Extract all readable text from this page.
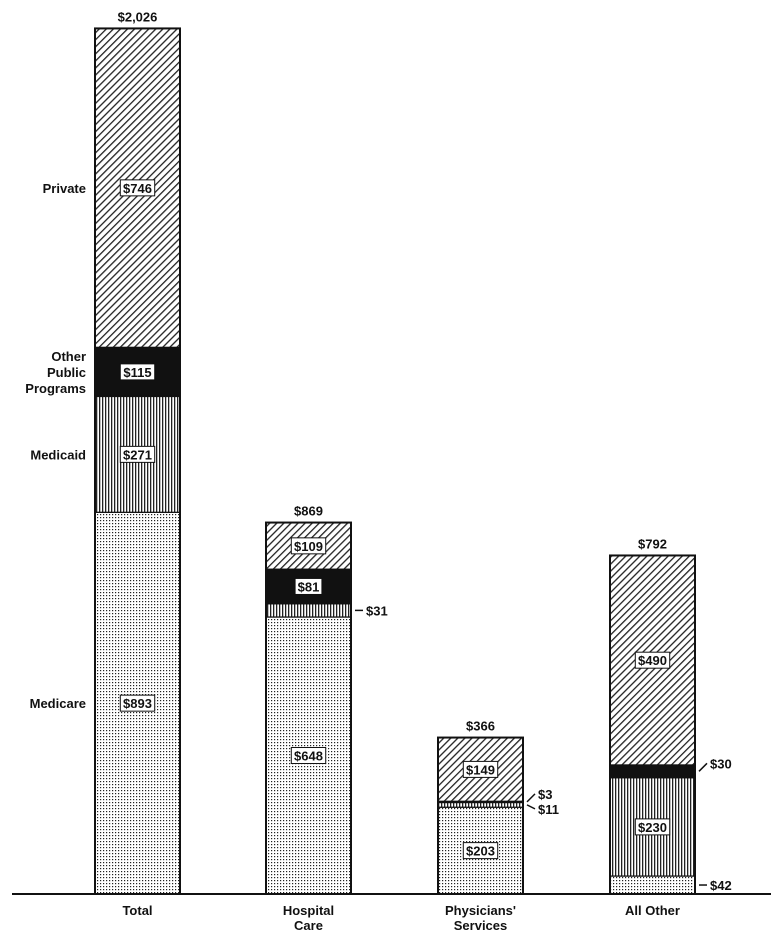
$2,026
Total
$869
Hospital Care
$366
Physicians' Services
$792
All Other
$893
$271
$115
$746
$648
$81
$109
$31
$203
$149
$3
$11
$230
$490
$30
$42
Medicare
Medicaid
Other Public Programs
Private
